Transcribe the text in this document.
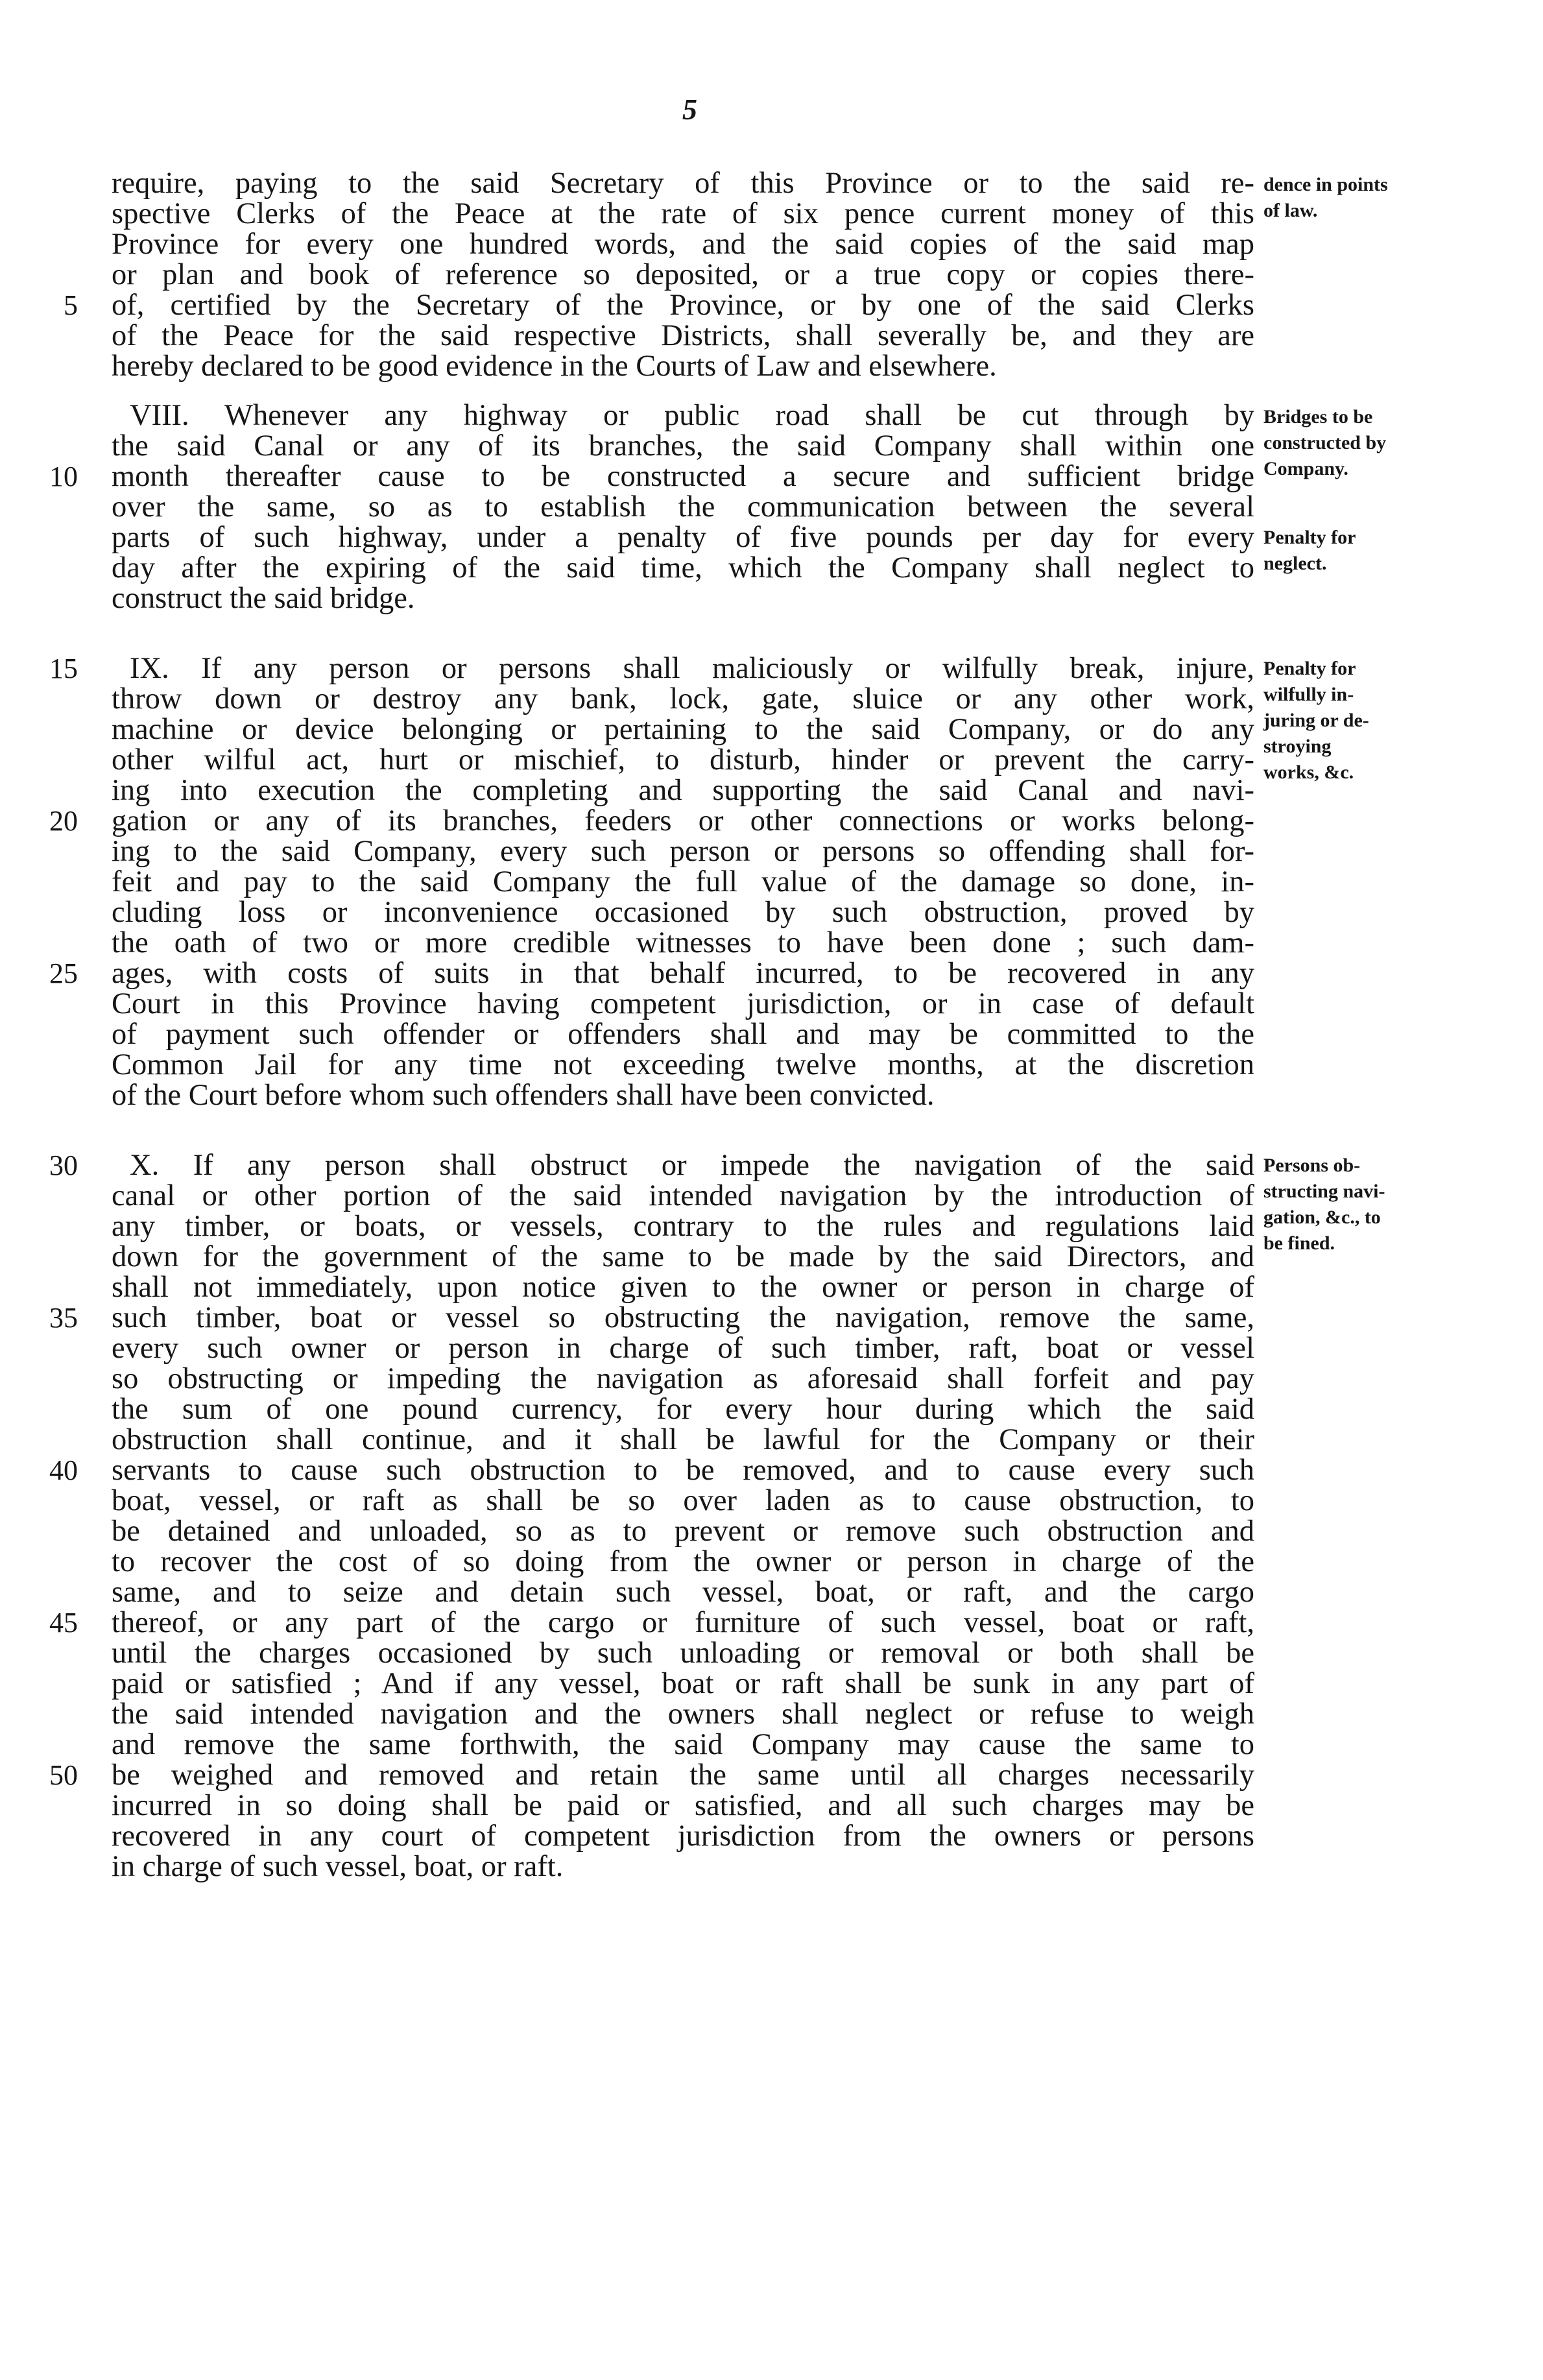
5
require, paying to the said Secretary of this Province or to the said re-
spective Clerks of the Peace at the rate of six pence current money of this
Province for every one hundred words, and the said copies of the said map
or plan and book of reference so deposited, or a true copy or copies there-
of, certified by the Secretary of the Province, or by one of the said Clerks
of the Peace for the said respective Districts, shall severally be, and they are
hereby declared to be good evidence in the Courts of Law and elsewhere.
VIII. Whenever any highway or public road shall be cut through by
the said Canal or any of its branches, the said Company shall within one
month thereafter cause to be constructed a secure and sufficient bridge
over the same, so as to establish the communication between the several
parts of such highway, under a penalty of five pounds per day for every
day after the expiring of the said time, which the Company shall neglect to
construct the said bridge.
IX. If any person or persons shall maliciously or wilfully break, injure,
throw down or destroy any bank, lock, gate, sluice or any other work,
machine or device belonging or pertaining to the said Company, or do any
other wilful act, hurt or mischief, to disturb, hinder or prevent the carry-
ing into execution the completing and supporting the said Canal and navi-
gation or any of its branches, feeders or other connections or works belong-
ing to the said Company, every such person or persons so offending shall for-
feit and pay to the said Company the full value of the damage so done, in-
cluding loss or inconvenience occasioned by such obstruction, proved by
the oath of two or more credible witnesses to have been done ; such dam-
ages, with costs of suits in that behalf incurred, to be recovered in any
Court in this Province having competent jurisdiction, or in case of default
of payment such offender or offenders shall and may be committed to the
Common Jail for any time not exceeding twelve months, at the discretion
of the Court before whom such offenders shall have been convicted.
X. If any person shall obstruct or impede the navigation of the said
canal or other portion of the said intended navigation by the introduction of
any timber, or boats, or vessels, contrary to the rules and regulations laid
down for the government of the same to be made by the said Directors, and
shall not immediately, upon notice given to the owner or person in charge of
such timber, boat or vessel so obstructing the navigation, remove the same,
every such owner or person in charge of such timber, raft, boat or vessel
so obstructing or impeding the navigation as aforesaid shall forfeit and pay
the sum of one pound currency, for every hour during which the said
obstruction shall continue, and it shall be lawful for the Company or their
servants to cause such obstruction to be removed, and to cause every such
boat, vessel, or raft as shall be so over laden as to cause obstruction, to
be detained and unloaded, so as to prevent or remove such obstruction and
to recover the cost of so doing from the owner or person in charge of the
same, and to seize and detain such vessel, boat, or raft, and the cargo
thereof, or any part of the cargo or furniture of such vessel, boat or raft,
until the charges occasioned by such unloading or removal or both shall be
paid or satisfied ; And if any vessel, boat or raft shall be sunk in any part of
the said intended navigation and the owners shall neglect or refuse to weigh
and remove the same forthwith, the said Company may cause the same to
be weighed and removed and retain the same until all charges necessarily
incurred in so doing shall be paid or satisfied, and all such charges may be
recovered in any court of competent jurisdiction from the owners or persons
in charge of such vessel, boat, or raft.
5
10
15
20
25
30
35
40
45
50
dence in points
of law.
Bridges to be
constructed by
Company.
Penalty for
neglect.
Penalty for
wilfully in-
juring or de-
stroying
works, &c.
Persons ob-
structing navi-
gation, &c., to
be fined.
